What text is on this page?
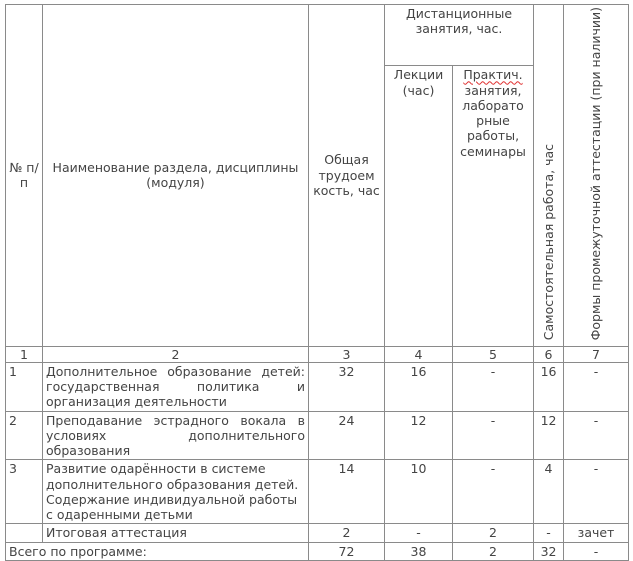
№ п/п	Наименование раздела, дисциплины (модуля)	Общая трудоем кость, час	Дистанционные занятия, час.		Самостоятельная работа, час	Формы промежуточной аттестации (при наличии)
			Лекции (час)	Практич. занятия, лаборато рные работы, семинары		
1	2	3	4	5	6	7
1	Дополнительное образование детей: государственная политика и организация деятельности	32	16	-	16	-
2	Преподавание эстрадного вокала в условиях дополнительного образования	24	12	-	12	-
3	Развитие одарённости в системе дополнительного образования детей. Содержание индивидуальной работы с одаренными детьми	14	10	-	4	-
	Итоговая аттестация	2	-	2	-	зачет
Всего по программе:		72	38	2	32	-
